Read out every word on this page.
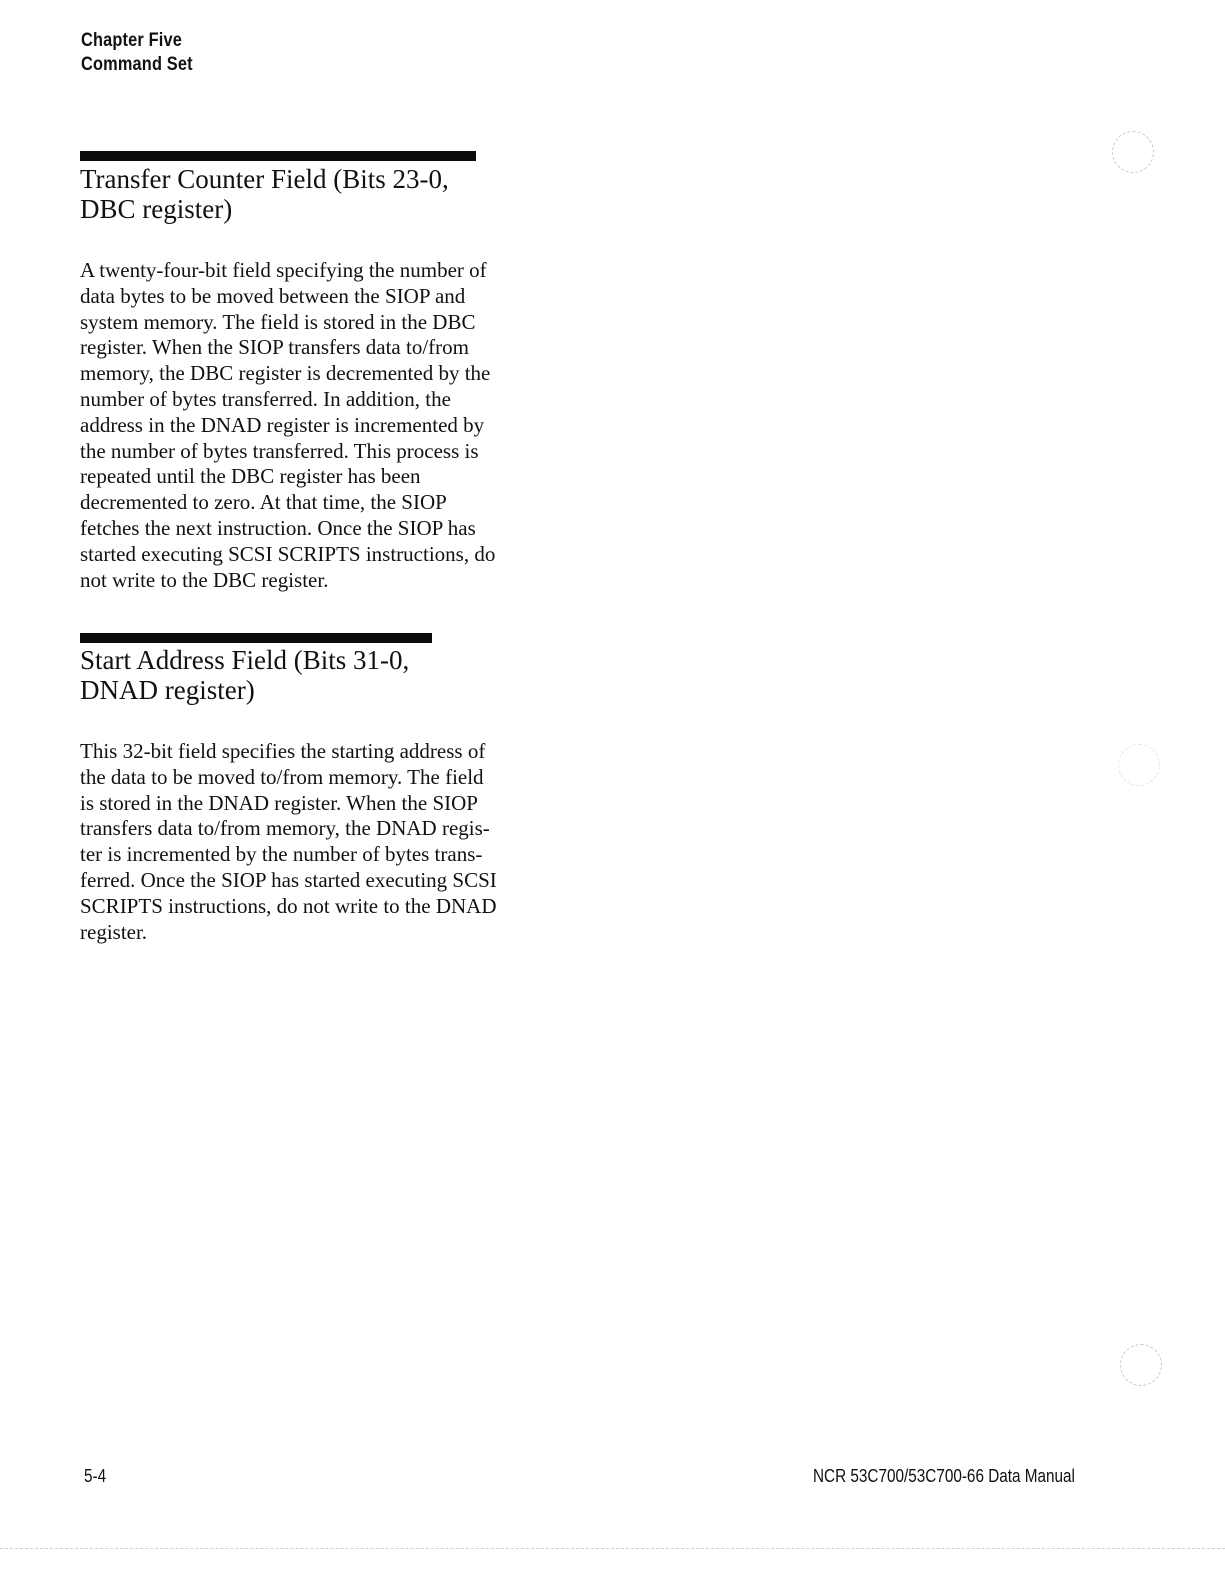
Chapter Five
Command Set
Transfer Counter Field (Bits 23-0,
DBC register)
A twenty-four-bit field specifying the number of
data bytes to be moved between the SIOP and
system memory. The field is stored in the DBC
register. When the SIOP transfers data to/from
memory, the DBC register is decremented by the
number of bytes transferred. In addition, the
address in the DNAD register is incremented by
the number of bytes transferred. This process is
repeated until the DBC register has been
decremented to zero. At that time, the SIOP
fetches the next instruction. Once the SIOP has
started executing SCSI SCRIPTS instructions, do
not write to the DBC register.
Start Address Field (Bits 31-0,
DNAD register)
This 32-bit field specifies the starting address of
the data to be moved to/from memory. The field
is stored in the DNAD register. When the SIOP
transfers data to/from memory, the DNAD regis-
ter is incremented by the number of bytes trans-
ferred. Once the SIOP has started executing SCSI
SCRIPTS instructions, do not write to the DNAD
register.
5-4	NCR 53C700/53C700-66 Data Manual
